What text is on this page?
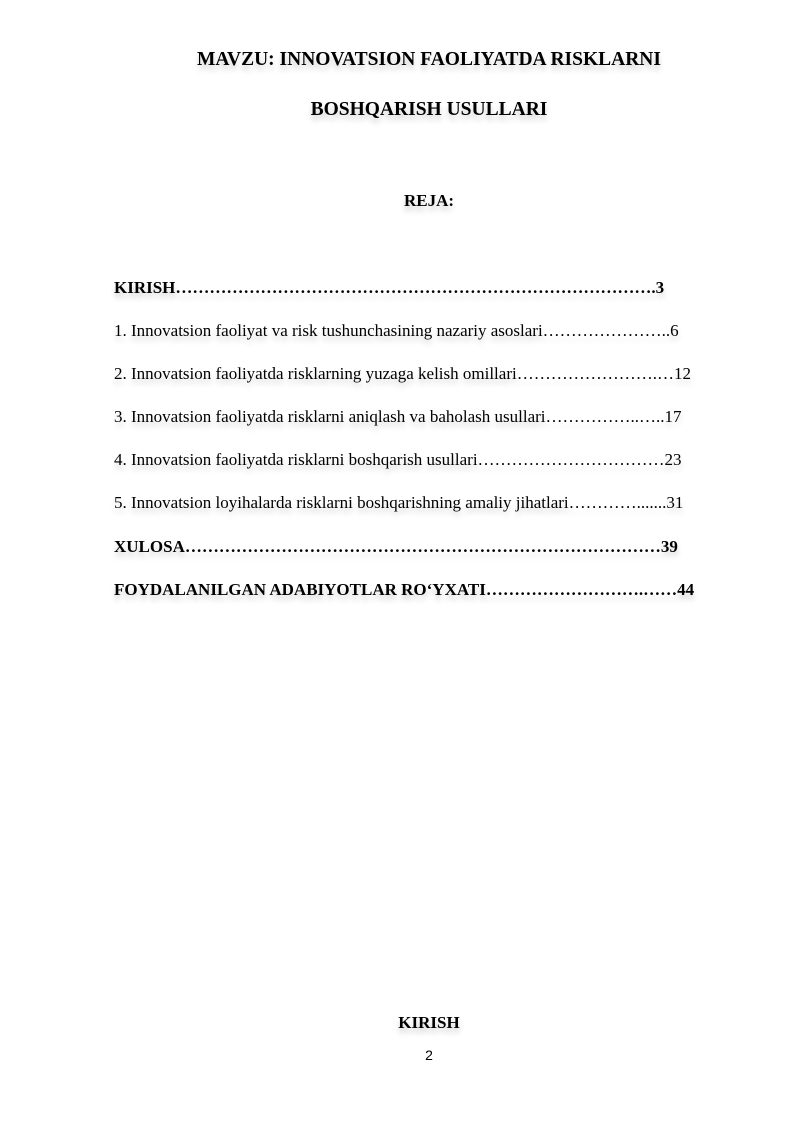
MAVZU: INNOVATSION FAOLIYATDA RISKLARNI
BOSHQARISH USULLARI
REJA:
KIRISH………………………………………………………………………….3
1. Innovatsion faoliyat va risk tushunchasining nazariy asoslari…………………..6
2. Innovatsion faoliyatda risklarning yuzaga kelish omillari…………………….…12
3. Innovatsion faoliyatda risklarni aniqlash va baholash usullari……………..…..17
4. Innovatsion faoliyatda risklarni boshqarish usullari……………………………23
5. Innovatsion loyihalarda risklarni boshqarishning amaliy jihatlari………….......31
XULOSA…………………………………………………………………………39
FOYDALANILGAN ADABIYOTLAR RO‘YXATI……………………….……44
KIRISH
2
